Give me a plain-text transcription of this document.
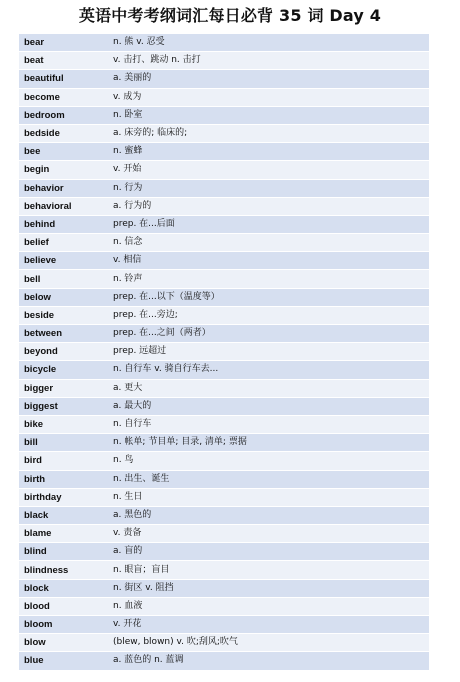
英语中考考纲词汇每日必背 35 词 Day 4
bear	n. 熊 v. 忍受
beat	v. 击打、跳动 n. 击打
beautiful	a. 美丽的
become	v. 成为
bedroom	n. 卧室
bedside	a. 床旁的; 临床的;
bee	n. 蜜蜂
begin	v. 开始
behavior	n. 行为
behavioral	a. 行为的
behind	prep. 在...后面
belief	n. 信念
believe	v. 相信
bell	n. 铃声
below	prep. 在...以下（温度等）
beside	prep. 在...旁边;
between	prep. 在...之间（两者）
beyond	prep. 远超过
bicycle	n. 自行车 v. 骑自行车去...
bigger	a. 更大
biggest	a. 最大的
bike	n. 自行车
bill	n. 帐单; 节目单; 目录, 清单; 票据
bird	n. 鸟
birth	n. 出生、诞生
birthday	n. 生日
black	a. 黑色的
blame	v. 责备
blind	a. 盲的
blindness	n. 眼盲；盲目
block	n. 街区 v. 阻挡
blood	n. 血液
bloom	v. 开花
blow	(blew, blown) v. 吹;刮风;吹气
blue	a. 蓝色的 n. 蓝调
